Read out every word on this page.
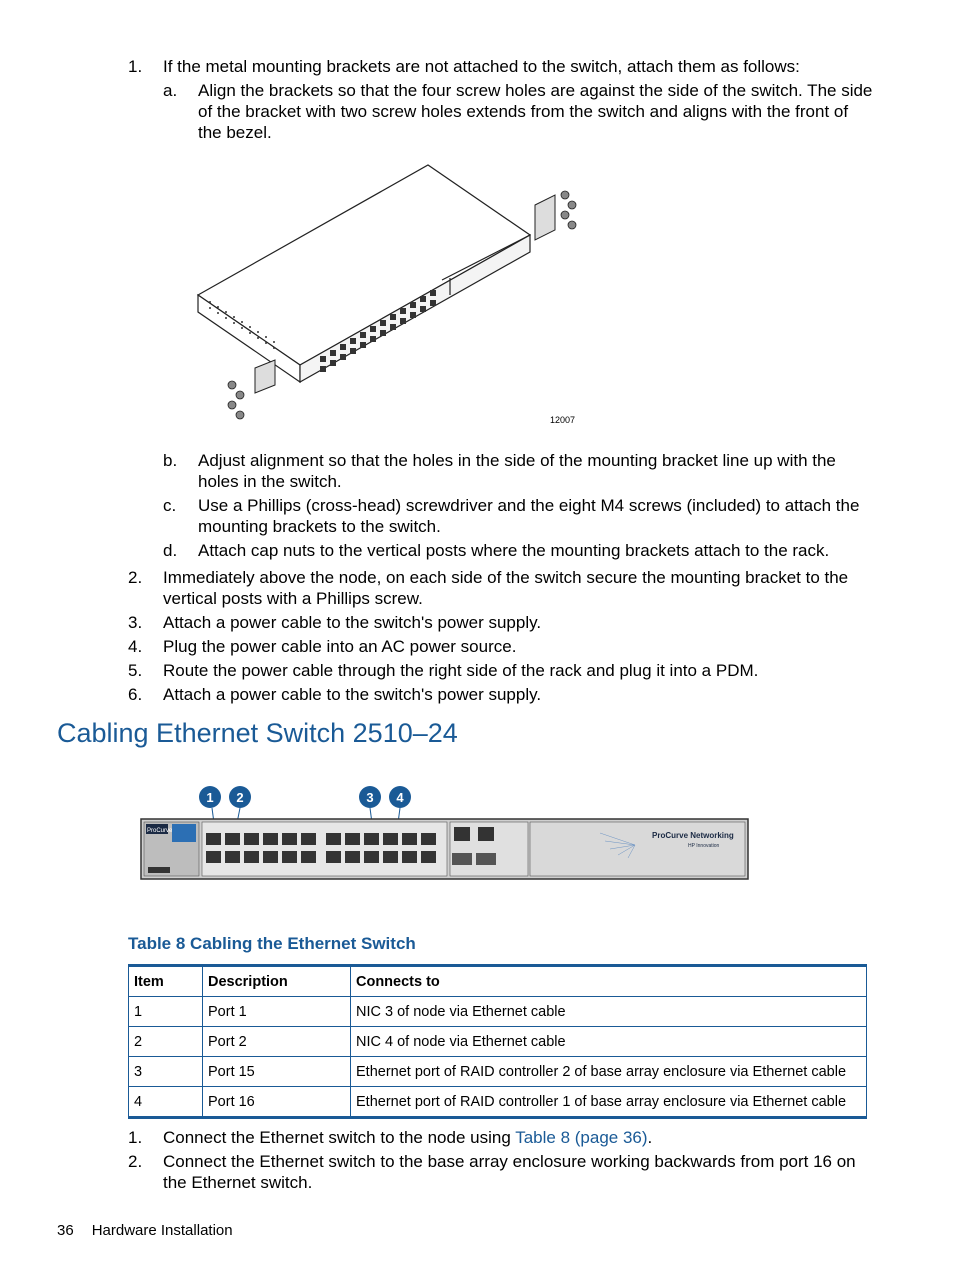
1. If the metal mounting brackets are not attached to the switch, attach them as follows:
a. Align the brackets so that the four screw holes are against the side of the switch. The side
of the bracket with two screw holes extends from the switch and aligns with the front of
the bezel.
12007
b. Adjust alignment so that the holes in the side of the mounting bracket line up with the
holes in the switch.
c. Use a Phillips (cross-head) screwdriver and the eight M4 screws (included) to attach the
mounting brackets to the switch.
d. Attach cap nuts to the vertical posts where the mounting brackets attach to the rack.
2. Immediately above the node, on each side of the switch secure the mounting bracket to the
vertical posts with a Phillips screw.
3. Attach a power cable to the switch's power supply.
4. Plug the power cable into an AC power source.
5. Route the power cable through the right side of the rack and plug it into a PDM.
6. Attach a power cable to the switch's power supply.
Cabling Ethernet Switch 2510–24
1 2	3 4
ProCurve	ProCurve Networking
HP Innovation
Table 8 Cabling the Ethernet Switch
Item	Description	Connects to
1	Port 1	NIC 3 of node via Ethernet cable
2	Port 2	NIC 4 of node via Ethernet cable
3	Port 15	Ethernet port of RAID controller 2 of base array enclosure via Ethernet cable
4	Port 16	Ethernet port of RAID controller 1 of base array enclosure via Ethernet cable
1. Connect the Ethernet switch to the node using Table 8 (page 36).
2. Connect the Ethernet switch to the base array enclosure working backwards from port 16 on
the Ethernet switch.
36 Hardware Installation
